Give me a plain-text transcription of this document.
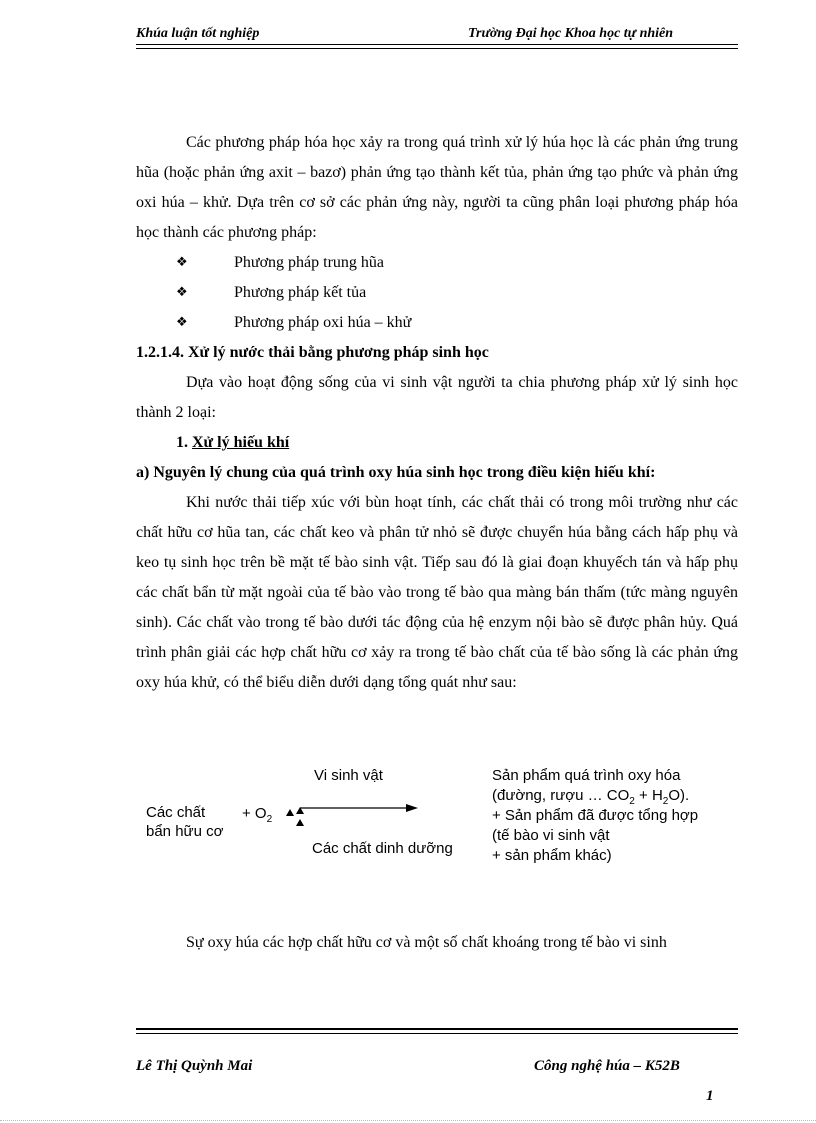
Khúa luận tốt nghiệp	Trường Đại học Khoa học tự nhiên

Các phương pháp hóa học xảy ra trong quá trình xử lý húa học là các phản ứng trung hũa (hoặc phản ứng axit – bazơ) phản ứng tạo thành kết tủa, phản ứng tạo phức và phản ứng oxi húa – khử. Dựa trên cơ sở các phản ứng này, người ta cũng phân loại phương pháp hóa học thành các phương pháp:

❖	Phương pháp trung hũa
❖	Phương pháp kết tủa
❖	Phương pháp oxi húa – khử

1.2.1.4. Xử lý nước thải bằng phương pháp sinh học

Dựa vào hoạt động sống của vi sinh vật người ta chia phương pháp xử lý sinh học thành 2 loại:

1. Xử lý hiếu khí

a) Nguyên lý chung của quá trình oxy húa sinh học trong điều kiện hiếu khí:

Khi nước thải tiếp xúc với bùn hoạt tính, các chất thải có trong môi trường như các chất hữu cơ hũa tan, các chất keo và phân tử nhỏ sẽ được chuyển húa bằng cách hấp phụ và keo tụ sinh học trên bề mặt tế bào sinh vật. Tiếp sau đó là giai đoạn khuyếch tán và hấp phụ các chất bẩn từ mặt ngoài của tế bào vào trong tế bào qua màng bán thấm (tức màng nguyên sinh). Các chất vào trong tế bào dưới tác động của hệ enzym nội bào sẽ được phân hủy. Quá trình phân giải các hợp chất hữu cơ xảy ra trong tế bào chất của tế bào sống là các phản ứng oxy húa khử, có thể biểu diễn dưới dạng tổng quát như sau:

Các chất
bẩn hữu cơ
+ $O_2$
Vi sinh vật
Các chất dinh dưỡng
Sản phẩm quá trình oxy hóa
(đường, rượu … $CO_2 + H_2O$).
+ Sản phẩm đã được tổng hợp
(tế bào vi sinh vật
+ sản phẩm khác)
Sự oxy húa các hợp chất hữu cơ và một số chất khoáng trong tế bào vi sinh
Lê Thị Quỳnh Mai	Công nghệ húa – K52B
1
